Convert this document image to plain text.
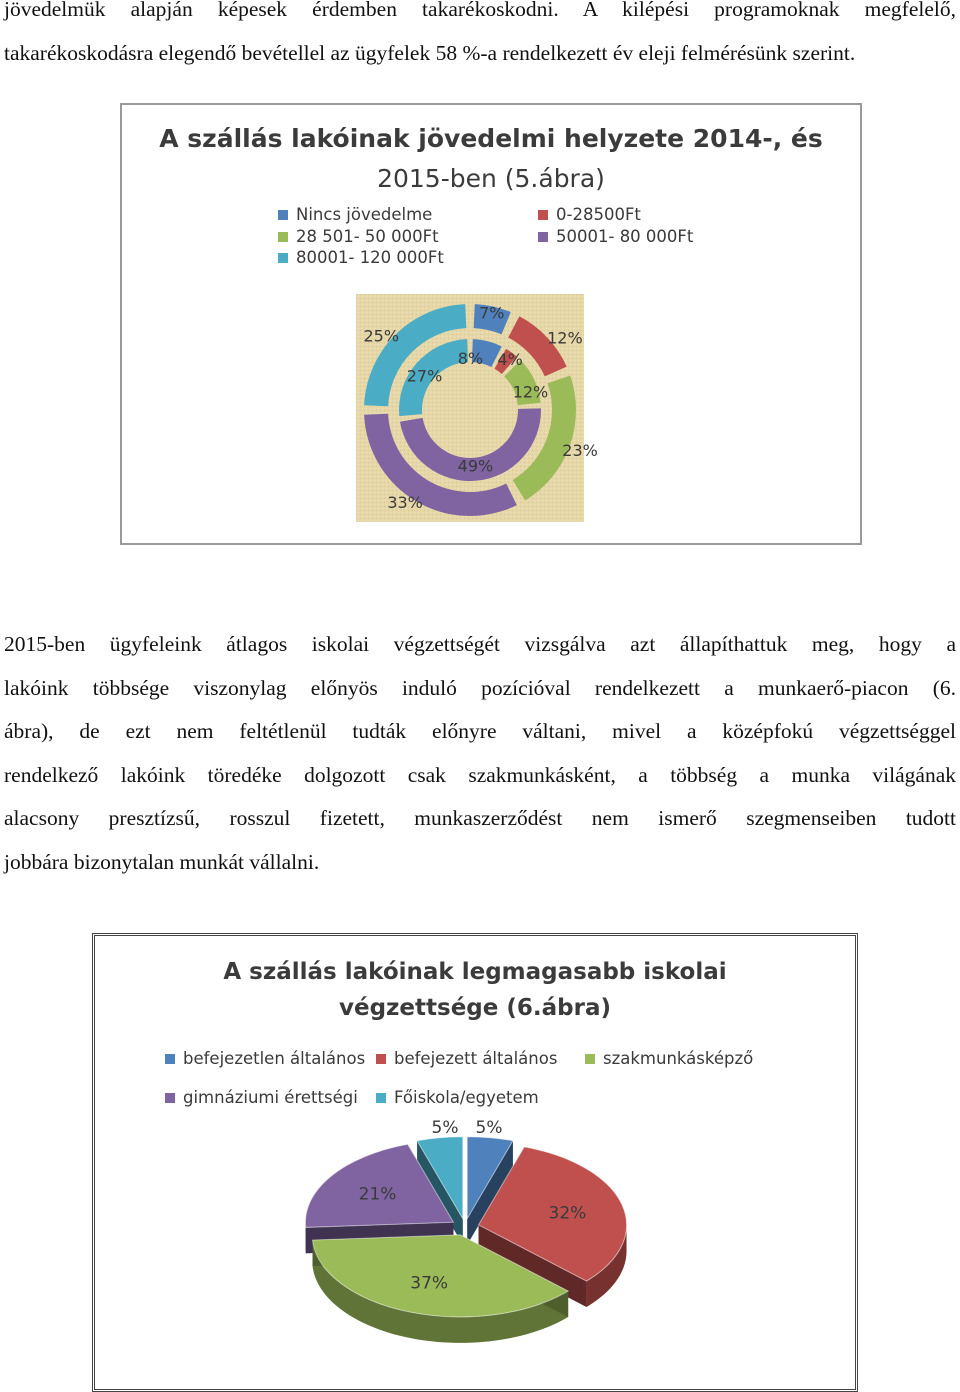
jövedelmük alapján képesek érdemben takarékoskodni. A kilépési programoknak megfelelő,
takarékoskodásra elegendő bevétellel az ügyfelek 58 %-a rendelkezett év eleji felmérésünk szerint.
A szállás lakóinak jövedelmi helyzete 2014-, és
2015-ben (5.ábra)
Nincs jövedelme	0-28500Ft
28 501- 50 000Ft	50001- 80 000Ft
80001- 120 000Ft
7%
12%
23%
33%
25%
8% 4%
12%
49%
27%
2015-ben ügyfeleink átlagos iskolai végzettségét vizsgálva azt állapíthattuk meg, hogy a
lakóink többsége viszonylag előnyös induló pozícióval rendelkezett a munkaerő-piacon (6.
ábra), de ezt nem feltétlenül tudták előnyre váltani, mivel a középfokú végzettséggel
rendelkező lakóink töredéke dolgozott csak szakmunkásként, a többség a munka világának
alacsony presztízsű, rosszul fizetett, munkaszerződést nem ismerő szegmenseiben tudott
jobbára bizonytalan munkát vállalni.
A szállás lakóinak legmagasabb iskolai
végzettsége (6.ábra)
befejezetlen általános befejezett általános	szakmunkásképző
gimnáziumi érettségi Főiskola/egyetem
5%
32%
37%
21%
5%
